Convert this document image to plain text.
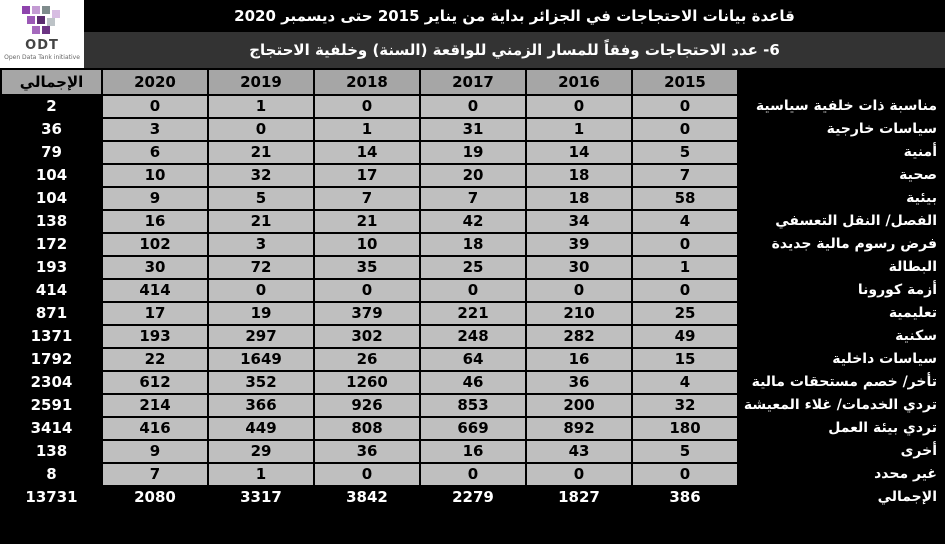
ODT
Open Data Tank initiative
قاعدة بيانات الاحتجاجات في الجزائر بداية من يناير 2015 حتى ديسمبر 2020
6- عدد الاحتجاجات وفقاً للمسار الزمني للواقعة (السنة) وخلفية الاحتجاج
	2015	2016	2017	2018	2019	2020	الإجمالي
مناسبة ذات خلفية سياسية	0	0	0	0	1	0	2
سياسات خارجية	0	1	31	1	0	3	36
أمنية	5	14	19	14	21	6	79
صحية	7	18	20	17	32	10	104
بيئية	58	18	7	7	5	9	104
الفصل/ النقل التعسفي	4	34	42	21	21	16	138
فرض رسوم مالية جديدة	0	39	18	10	3	102	172
البطالة	1	30	25	35	72	30	193
أزمة كورونا	0	0	0	0	0	414	414
تعليمية	25	210	221	379	19	17	871
سكنية	49	282	248	302	297	193	1371
سياسات داخلية	15	16	64	26	1649	22	1792
تأخر/ خصم مستحقات مالية	4	36	46	1260	352	612	2304
تردي الخدمات/ غلاء المعيشة	32	200	853	926	366	214	2591
تردي بيئة العمل	180	892	669	808	449	416	3414
أخرى	5	43	16	36	29	9	138
غير محدد	0	0	0	0	1	7	8
الإجمالي	386	1827	2279	3842	3317	2080	13731
